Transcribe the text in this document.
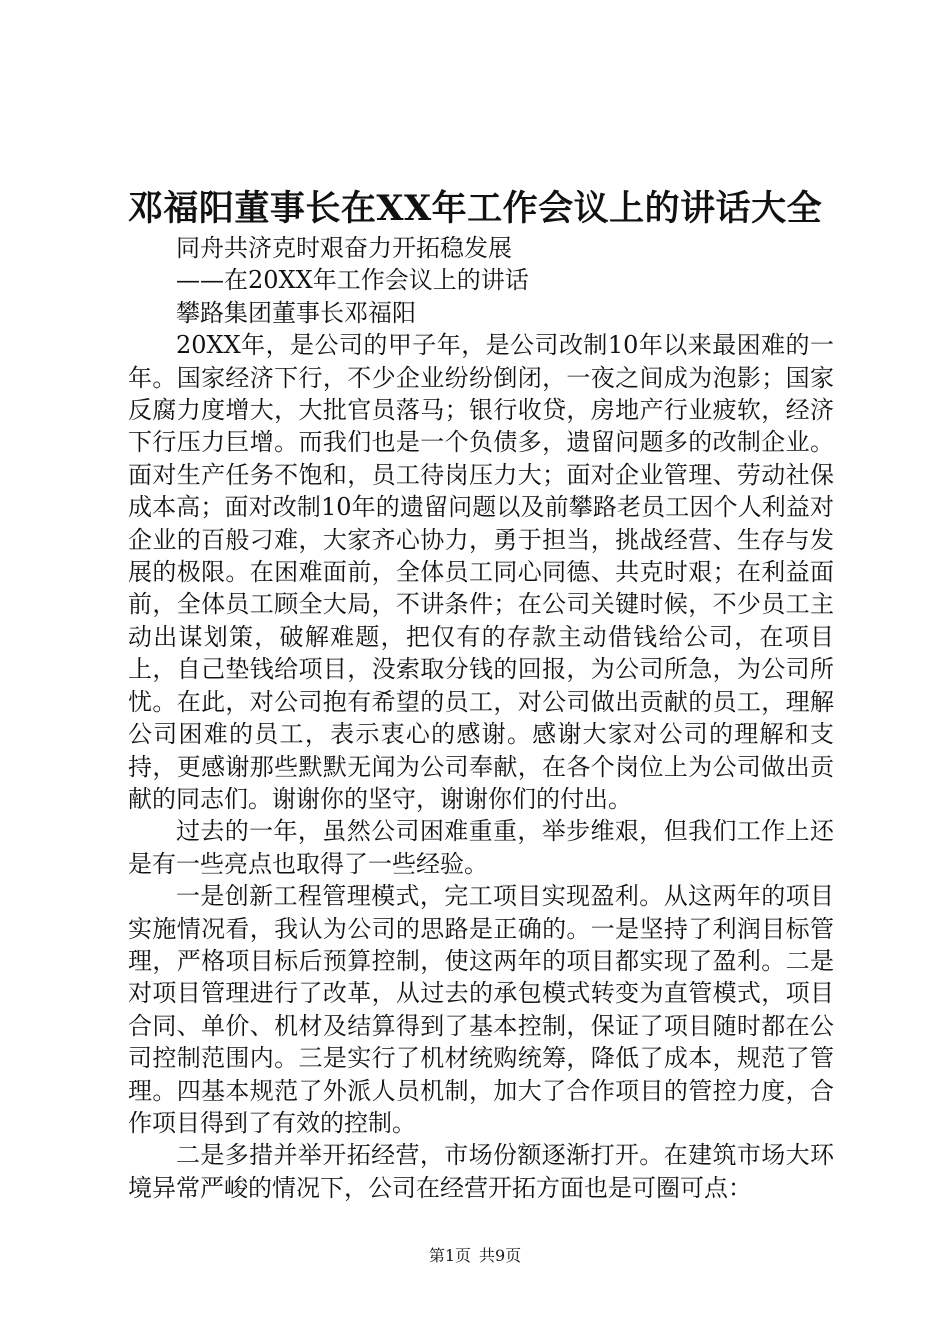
邓福阳董事长在XX年工作会议上的讲话大全

同舟共济克时艰奋力开拓稳发展

——在20XX年工作会议上的讲话

攀路集团董事长邓福阳

20XX年，是公司的甲子年，是公司改制10年以来最困难的一年。国家经济下行，不少企业纷纷倒闭，一夜之间成为泡影；国家反腐力度增大，大批官员落马；银行收贷，房地产行业疲软，经济下行压力巨增。而我们也是一个负债多，遗留问题多的改制企业。面对生产任务不饱和，员工待岗压力大；面对企业管理、劳动社保成本高；面对改制10年的遗留问题以及前攀路老员工因个人利益对企业的百般刁难，大家齐心协力，勇于担当，挑战经营、生存与发展的极限。在困难面前，全体员工同心同德、共克时艰；在利益面前，全体员工顾全大局，不讲条件；在公司关键时候，不少员工主动出谋划策，破解难题，把仅有的存款主动借钱给公司，在项目上，自己垫钱给项目，没索取分钱的回报，为公司所急，为公司所忧。在此，对公司抱有希望的员工，对公司做出贡献的员工，理解公司困难的员工，表示衷心的感谢。感谢大家对公司的理解和支持，更感谢那些默默无闻为公司奉献，在各个岗位上为公司做出贡献的同志们。谢谢你的坚守，谢谢你们的付出。

过去的一年，虽然公司困难重重，举步维艰，但我们工作上还是有一些亮点也取得了一些经验。

一是创新工程管理模式，完工项目实现盈利。从这两年的项目实施情况看，我认为公司的思路是正确的。一是坚持了利润目标管理，严格项目标后预算控制，使这两年的项目都实现了盈利。二是对项目管理进行了改革，从过去的承包模式转变为直管模式，项目合同、单价、机材及结算得到了基本控制，保证了项目随时都在公司控制范围内。三是实行了机材统购统筹，降低了成本，规范了管理。四基本规范了外派人员机制，加大了合作项目的管控力度，合作项目得到了有效的控制。

二是多措并举开拓经营，市场份额逐渐打开。在建筑市场大环境异常严峻的情况下，公司在经营开拓方面也是可圈可点：

第1页 共9页
